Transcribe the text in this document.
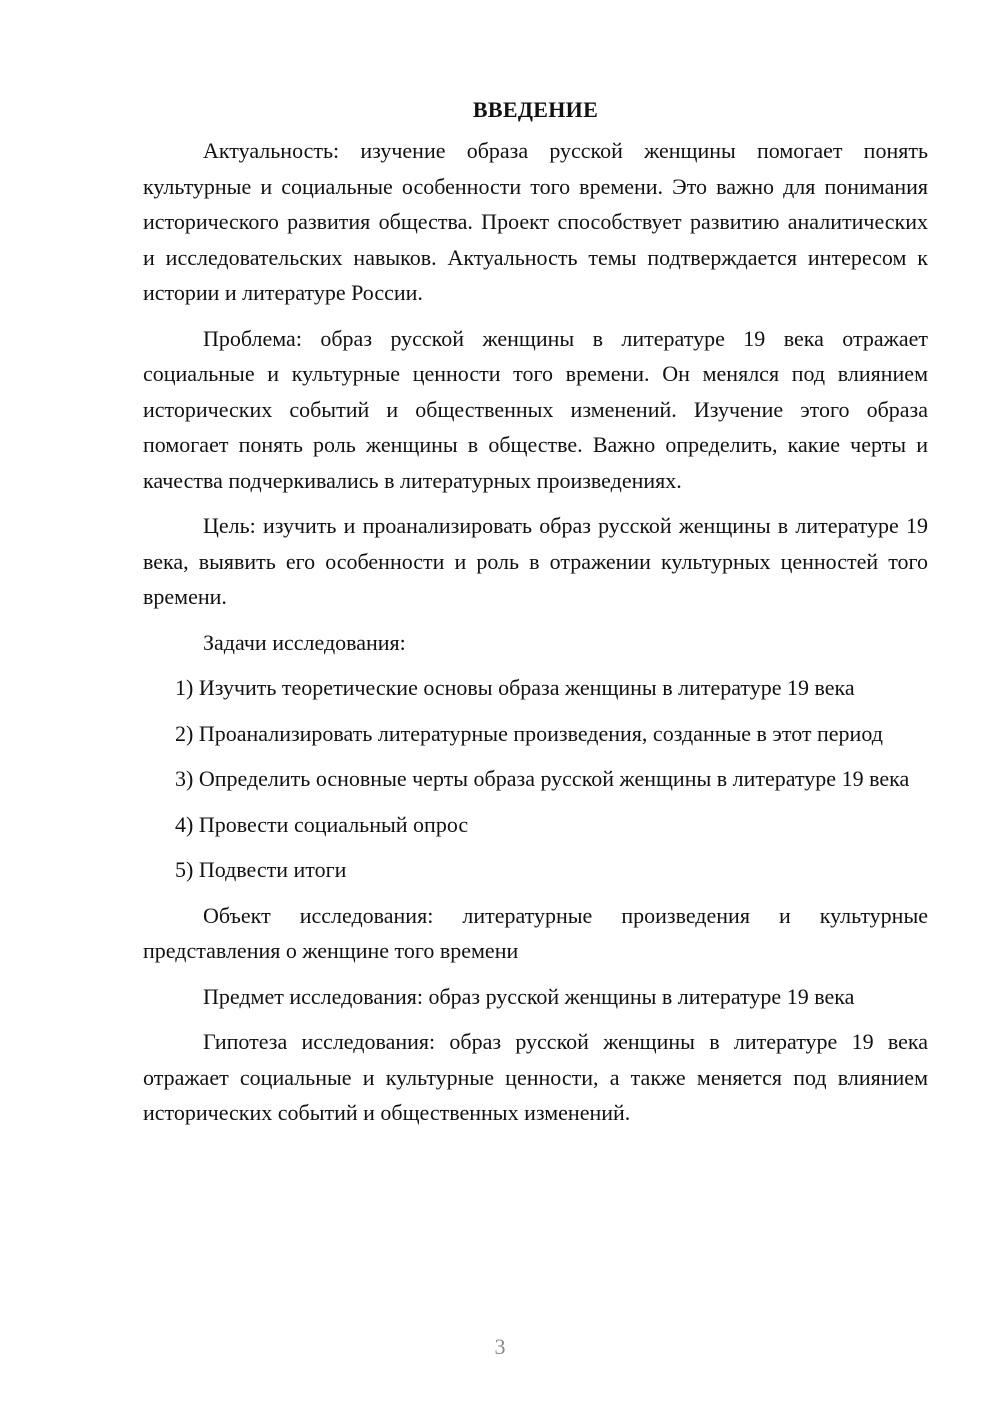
ВВЕДЕНИЕ

Актуальность: изучение образа русской женщины помогает понять культурные и социальные особенности того времени. Это важно для понимания исторического развития общества. Проект способствует развитию аналитических и исследовательских навыков. Актуальность темы подтверждается интересом к истории и литературе России.

Проблема: образ русской женщины в литературе 19 века отражает социальные и культурные ценности того времени. Он менялся под влиянием исторических событий и общественных изменений. Изучение этого образа помогает понять роль женщины в обществе. Важно определить, какие черты и качества подчеркивались в литературных произведениях.

Цель: изучить и проанализировать образ русской женщины в литературе 19 века, выявить его особенности и роль в отражении культурных ценностей того времени.

Задачи исследования:

1) Изучить теоретические основы образа женщины в литературе 19 века

2) Проанализировать литературные произведения, созданные в этот период

3) Определить основные черты образа русской женщины в литературе 19 века

4) Провести социальный опрос

5) Подвести итоги

Объект исследования: литературные произведения и культурные представления о женщине того времени

Предмет исследования: образ русской женщины в литературе 19 века

Гипотеза исследования: образ русской женщины в литературе 19 века отражает социальные и культурные ценности, а также меняется под влиянием исторических событий и общественных изменений.

3
